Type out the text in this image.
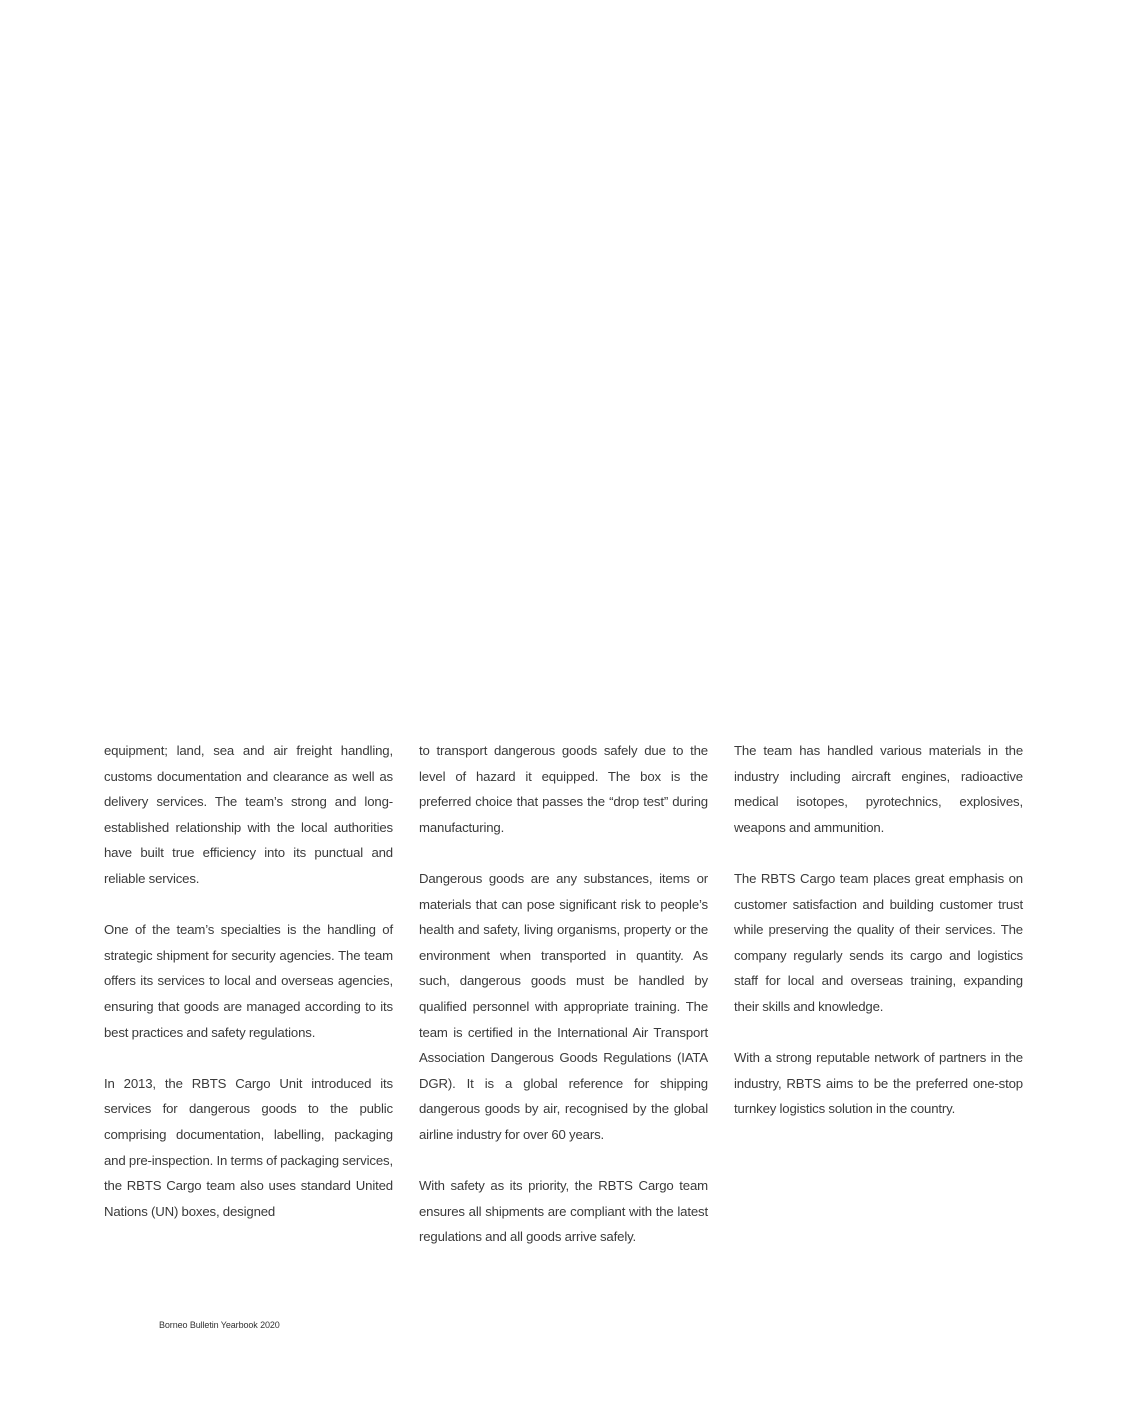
equipment; land, sea and air freight handling, customs documentation and clearance as well as delivery services. The team’s strong and long-established relationship with the local authorities have built true efficiency into its punctual and reliable services.

One of the team’s specialties is the handling of strategic shipment for security agencies. The team offers its services to local and overseas agencies, ensuring that goods are managed according to its best practices and safety regulations.

In 2013, the RBTS Cargo Unit introduced its services for dangerous goods to the public comprising documentation, labelling, packaging and pre-inspection. In terms of packaging services, the RBTS Cargo team also uses standard United Nations (UN) boxes, designed

to transport dangerous goods safely due to the level of hazard it equipped. The box is the preferred choice that passes the “drop test” during manufacturing.

Dangerous goods are any substances, items or materials that can pose significant risk to people’s health and safety, living organisms, property or the environment when transported in quantity. As such, dangerous goods must be handled by qualified personnel with appropriate training. The team is certified in the International Air Transport Association Dangerous Goods Regulations (IATA DGR). It is a global reference for shipping dangerous goods by air, recognised by the global airline industry for over 60 years.

With safety as its priority, the RBTS Cargo team ensures all shipments are compliant with the latest regulations and all goods arrive safely.

The team has handled various materials in the industry including aircraft engines, radioactive medical isotopes, pyrotechnics, explosives, weapons and ammunition.

The RBTS Cargo team places great emphasis on customer satisfaction and building customer trust while preserving the quality of their services. The company regularly sends its cargo and logistics staff for local and overseas training, expanding their skills and knowledge.

With a strong reputable network of partners in the industry, RBTS aims to be the preferred one-stop turnkey logistics solution in the country.

Borneo Bulletin Yearbook 2020
